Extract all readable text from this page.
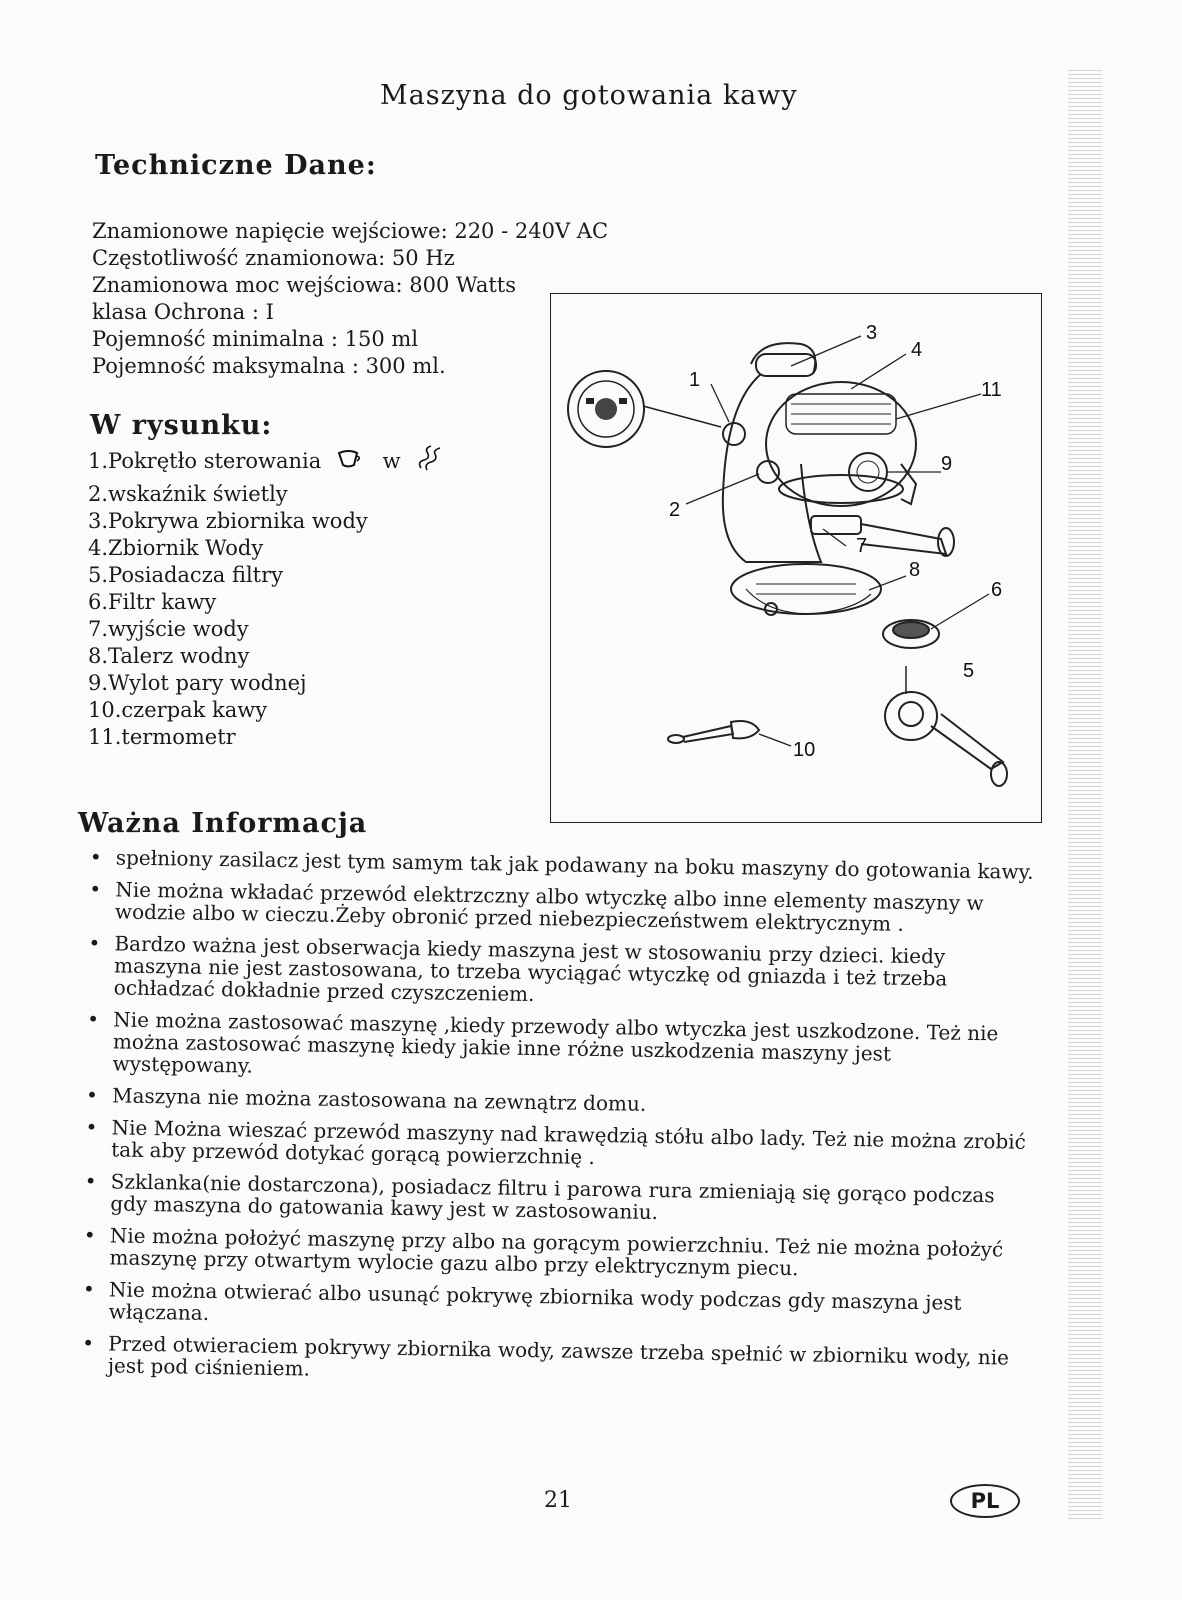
Maszyna do gotowania kawy
Techniczne Dane:
Znamionowe napięcie wejściowe: 220 - 240V AC
Częstotliwość znamionowa: 50 Hz
Znamionowa moc wejściowa: 800 Watts
klasa Ochrona : I
Pojemność minimalna : 150 ml
Pojemność maksymalna : 300 ml.
W rysunku:
1.Pokrętło sterowania	w
2.wskaźnik świetly
3.Pokrywa zbiornika wody
4.Zbiornik Wody
5.Posiadacza filtry
6.Filtr kawy
7.wyjście wody
8.Talerz wodny
9.Wylot pary wodnej
10.czerpak kawy
11.termometr
1
2
3
4
5
6
7
8
9
10
11
Ważna Informacja
• spełniony zasilacz jest tym samym tak jak podawany na boku maszyny do gotowania kawy.
• Nie można wkładać przewód elektrzczny albo wtyczkę albo inne elementy maszyny w wodzie albo w cieczu.Żeby obronić przed niebezpieczeństwem elektrycznym .
• Bardzo ważna jest obserwacja kiedy maszyna jest w stosowaniu przy dzieci. kiedy maszyna nie jest zastosowana, to trzeba wyciągać wtyczkę od gniazda i też trzeba ochładzać dokładnie przed czyszczeniem.
• Nie można zastosować maszynę ,kiedy przewody albo wtyczka jest uszkodzone. Też nie można zastosować maszynę kiedy jakie inne różne uszkodzenia maszyny jest występowany.
• Maszyna nie można zastosowana na zewnątrz domu.
• Nie Można wieszać przewód maszyny nad krawędzią stółu albo lady. Też nie można zrobić tak aby przewód dotykać gorącą powierzchnię .
• Szklanka(nie dostarczona), posiadacz filtru i parowa rura zmieniają się gorąco podczas gdy maszyna do gatowania kawy jest w zastosowaniu.
• Nie można położyć maszynę przy albo na gorącym powierzchniu. Też nie można położyć maszynę przy otwartym wylocie gazu albo przy elektrycznym piecu.
• Nie można otwierać albo usunąć pokrywę zbiornika wody podczas gdy maszyna jest włączana.
• Przed otwieraciem pokrywy zbiornika wody, zawsze trzeba spełnić w zbiorniku wody, nie jest pod ciśnieniem.
21	PL
